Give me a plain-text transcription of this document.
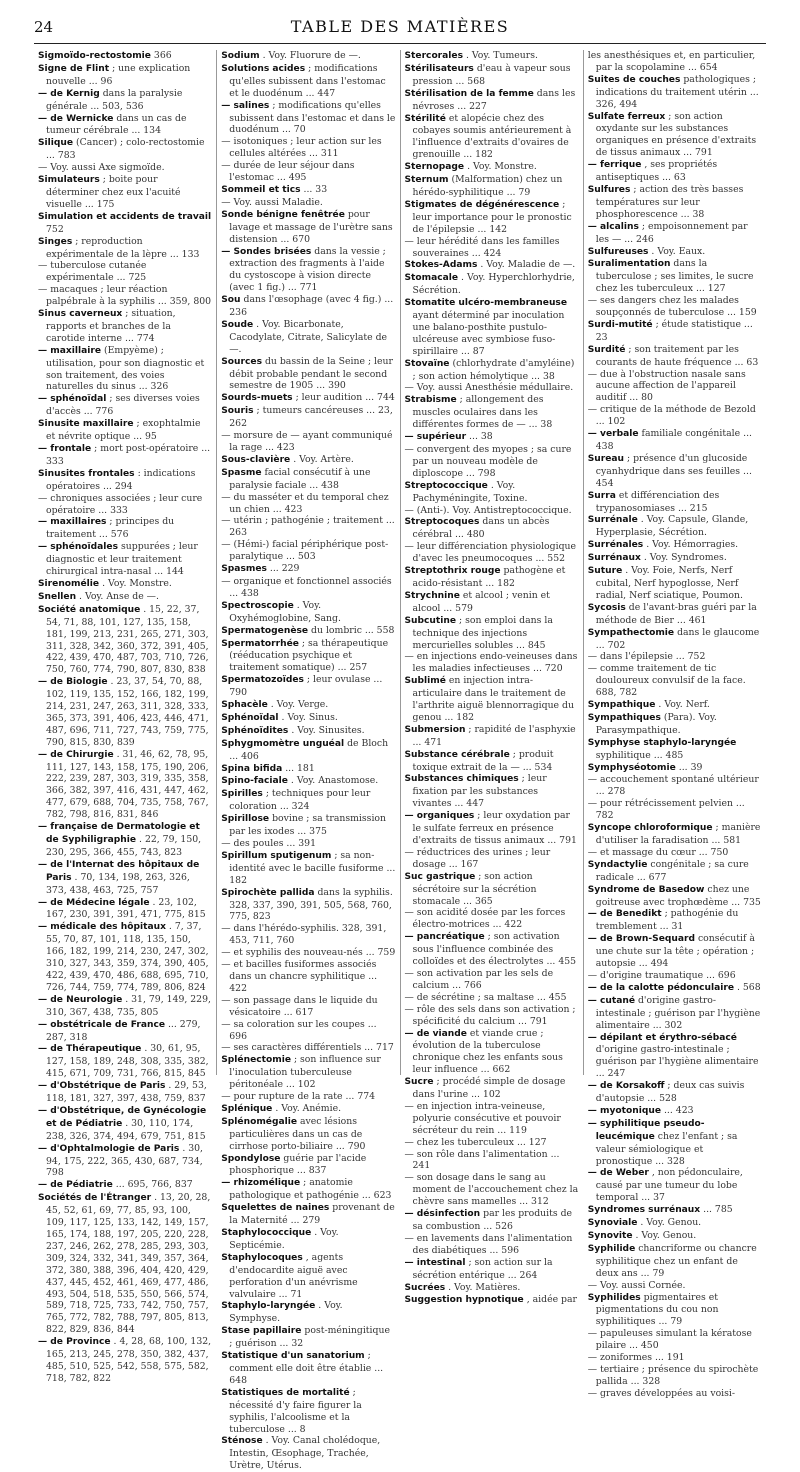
24	TABLE DES MATIÈRES
Sigmoïdo-rectostomie 366
Signe de Flint ; une explication nouvelle ... 96
— de Kernig dans la paralysie générale ... 503, 536
— de Wernicke dans un cas de tumeur cérébrale ... 134
Silique (Cancer) ; colo-rectostomie ... 783
— Voy. aussi Axe sigmoïde.
Simulateurs ; boite pour déterminer chez eux l'acuité visuelle ... 175
Simulation et accidents de travail 752
Singes ; reproduction expérimentale de la lèpre ... 133
— tuberculose cutanée expérimentale ... 725
— macaques ; leur réaction palpébrale à la syphilis ... 359, 800
Sinus caverneux ; situation, rapports et branches de la carotide interne ... 774
— maxillaire (Empyème) ; utilisation, pour son diagnostic et son traitement, des voies naturelles du sinus ... 326
— sphénoïdal ; ses diverses voies d'accès ... 776
Sinusite maxillaire ; exophtalmie et névrite optique ... 95
— frontale ; mort post-opératoire ... 333
Sinusites frontales : indications opératoires ... 294
— chroniques associées ; leur cure opératoire ... 333
— maxillaires ; principes du traitement ... 576
— sphénoïdales suppurées ; leur diagnostic et leur traitement chirurgical intra-nasal ... 144
Sirenomélie . Voy. Monstre.
Snellen . Voy. Anse de —.
Société anatomique . 15, 22, 37, 54, 71, 88, 101, 127, 135, 158, 181, 199, 213, 231, 265, 271, 303, 311, 328, 342, 360, 372, 391, 405, 422, 439, 470, 487, 703, 710, 726, 750, 760, 774, 790, 807, 830, 838
— de Biologie . 23, 37, 54, 70, 88, 102, 119, 135, 152, 166, 182, 199, 214, 231, 247, 263, 311, 328, 333, 365, 373, 391, 406, 423, 446, 471, 487, 696, 711, 727, 743, 759, 775, 790, 815, 830, 839
— de Chirurgie . 31, 46, 62, 78, 95, 111, 127, 143, 158, 175, 190, 206, 222, 239, 287, 303, 319, 335, 358, 366, 382, 397, 416, 431, 447, 462, 477, 679, 688, 704, 735, 758, 767, 782, 798, 816, 831, 846
— française de Dermatologie et de Syphiligraphie . 22, 79, 150, 230, 295, 366, 455, 743, 823
— de l'Internat des hôpitaux de Paris . 70, 134, 198, 263, 326, 373, 438, 463, 725, 757
— de Médecine légale . 23, 102, 167, 230, 391, 391, 471, 775, 815
— médicale des hôpitaux . 7, 37, 55, 70, 87, 101, 118, 135, 150, 166, 182, 199, 214, 230, 247, 302, 310, 327, 343, 359, 374, 390, 405, 422, 439, 470, 486, 688, 695, 710, 726, 744, 759, 774, 789, 806, 824
— de Neurologie . 31, 79, 149, 229, 310, 367, 438, 735, 805
— obstétricale de France ... 279, 287, 318
— de Thérapeutique . 30, 61, 95, 127, 158, 189, 248, 308, 335, 382, 415, 671, 709, 731, 766, 815, 845
— d'Obstétrique de Paris . 29, 53, 118, 181, 327, 397, 438, 759, 837
— d'Obstétrique, de Gynécologie et de Pédiatrie . 30, 110, 174, 238, 326, 374, 494, 679, 751, 815
— d'Ophtalmologie de Paris . 30, 94, 175, 222, 365, 430, 687, 734, 798
— de Pédiatrie ... 695, 766, 837
Sociétés de l'Étranger . 13, 20, 28, 45, 52, 61, 69, 77, 85, 93, 100, 109, 117, 125, 133, 142, 149, 157, 165, 174, 188, 197, 205, 220, 228, 237, 246, 262, 278, 285, 293, 303, 309, 324, 332, 341, 349, 357, 364, 372, 380, 388, 396, 404, 420, 429, 437, 445, 452, 461, 469, 477, 486, 493, 504, 518, 535, 550, 566, 574, 589, 718, 725, 733, 742, 750, 757, 765, 772, 782, 788, 797, 805, 813, 822, 829, 836, 844
— de Province . 4, 28, 68, 100, 132, 165, 213, 245, 278, 350, 382, 437, 485, 510, 525, 542, 558, 575, 582, 718, 782, 822
Sodium . Voy. Fluorure de —.
Solutions acides ; modifications qu'elles subissent dans l'estomac et le duodénum ... 447
— salines ; modifications qu'elles subissent dans l'estomac et dans le duodénum ... 70
— isotoniques ; leur action sur les cellules altérées ... 311
— durée de leur séjour dans l'estomac ... 495
Sommeil et tics ... 33
— Voy. aussi Maladie.
Sonde bénigne fenêtrée pour lavage et massage de l'urètre sans distension ... 670
— Sondes brisées dans la vessie ; extraction des fragments à l'aide du cystoscope à vision directe (avec 1 fig.) ... 771
Sou dans l'œsophage (avec 4 fig.) ... 236
Soude . Voy. Bicarbonate, Cacodylate, Citrate, Salicylate de —.
Sources du bassin de la Seine ; leur débit probable pendant le second semestre de 1905 ... 390
Sourds-muets ; leur audition ... 744
Souris ; tumeurs cancéreuses ... 23, 262
— morsure de — ayant communiqué la rage ... 423
Sous-clavière . Voy. Artère.
Spasme facial consécutif à une paralysie faciale ... 438
— du masséter et du temporal chez un chien ... 423
— utérin ; pathogénie ; traitement ... 263
— (Hémi-) facial périphérique post-paralytique ... 503
Spasmes ... 229
— organique et fonctionnel associés ... 438
Spectroscopie . Voy. Oxyhémoglobine, Sang.
Spermatogenèse du lombric ... 558
Spermatorrhée ; sa thérapeutique (rééducation psychique et traitement somatique) ... 257
Spermatozoïdes ; leur ovulase ... 790
Sphacèle . Voy. Verge.
Sphénoïdal . Voy. Sinus.
Sphénoïdites . Voy. Sinusites.
Sphygmomètre unguéal de Bloch ... 406
Spina bifida ... 181
Spino-faciale . Voy. Anastomose.
Spirilles ; techniques pour leur coloration ... 324
Spirillose bovine ; sa transmission par les ixodes ... 375
— des poules ... 391
Spirillum sputigenum ; sa non-identité avec le bacille fusiforme ... 182
Spirochète pallida dans la syphilis. 328, 337, 390, 391, 505, 568, 760, 775, 823
— dans l'hérédo-syphilis. 328, 391, 453, 711, 760
— et syphilis des nouveau-nés ... 759
— et bacilles fusiformes associés dans un chancre syphilitique ... 422
— son passage dans le liquide du vésicatoire ... 617
— sa coloration sur les coupes ... 696
— ses caractères différentiels ... 717
Splénectomie ; son influence sur l'inoculation tuberculeuse péritonéale ... 102
— pour rupture de la rate ... 774
Splénique . Voy. Anémie.
Splénomégalie avec lésions particulières dans un cas de cirrhose porto-biliaire ... 790
Spondylose guérie par l'acide phosphorique ... 837
— rhizomélique ; anatomie pathologique et pathogénie ... 623
Squelettes de naines provenant de la Maternité ... 279
Staphylococcique . Voy. Septicémie.
Staphylocoques , agents d'endocardite aiguë avec perforation d'un anévrisme valvulaire ... 71
Staphylo-laryngée . Voy. Symphyse.
Stase papillaire post-méningitique ; guérison ... 32
Statistique d'un sanatorium ; comment elle doit être établie ... 648
Statistiques de mortalité ; nécessité d'y faire figurer la syphilis, l'alcoolisme et la tuberculose ... 8
Sténose . Voy. Canal cholédoque, Intestin, Œsophage, Trachée, Urètre, Utérus.
Stercorales . Voy. Tumeurs.
Stérilisateurs d'eau à vapeur sous pression ... 568
Stérilisation de la femme dans les névroses ... 227
Stérilité et alopécie chez des cobayes soumis antérieurement à l'influence d'extraits d'ovaires de grenouille ... 182
Sternopage . Voy. Monstre.
Sternum (Malformation) chez un hérédo-syphilitique ... 79
Stigmates de dégénérescence ; leur importance pour le pronostic de l'épilepsie ... 142
— leur hérédité dans les familles souveraines ... 424
Stokes-Adams . Voy. Maladie de —.
Stomacale . Voy. Hyperchlorhydrie, Sécrétion.
Stomatite ulcéro-membraneuse ayant déterminé par inoculation une balano-posthite pustulo-ulcéreuse avec symbiose fuso-spirillaire ... 87
Stovaïne (chlorhydrate d'amyléine) ; son action hémolytique ... 38
— Voy. aussi Anesthésie médullaire.
Strabisme ; allongement des muscles oculaires dans les différentes formes de — ... 38
— supérieur ... 38
— convergent des myopes ; sa cure par un nouveau modèle de diploscope ... 798
Streptococcique . Voy. Pachyméningite, Toxine.
— (Anti-). Voy. Antistreptococcique.
Streptocoques dans un abcès cérébral ... 480
— leur différenciation physiologique d'avec les pneumocoques ... 552
Streptothrix rouge pathogène et acido-résistant ... 182
Strychnine et alcool ; venin et alcool ... 579
Subcutine ; son emploi dans la technique des injections mercurielles solubles ... 845
— en injections endo-veineuses dans les maladies infectieuses ... 720
Sublimé en injection intra-articulaire dans le traitement de l'arthrite aiguë blennorragique du genou ... 182
Submersion ; rapidité de l'asphyxie ... 471
Substance cérébrale ; produit toxique extrait de la — ... 534
Substances chimiques ; leur fixation par les substances vivantes ... 447
— organiques ; leur oxydation par le sulfate ferreux en présence d'extraits de tissus animaux ... 791
— réductrices des urines ; leur dosage ... 167
Suc gastrique ; son action sécrétoire sur la sécrétion stomacale ... 365
— son acidité dosée par les forces électro-motrices ... 422
— pancréatique ; son activation sous l'influence combinée des colloïdes et des électrolytes ... 455
— son activation par les sels de calcium ... 766
— de sécrétine ; sa maltase ... 455
— rôle des sels dans son activation ; spécificité du calcium ... 791
— de viande et viande crue ; évolution de la tuberculose chronique chez les enfants sous leur influence ... 662
Sucre ; procédé simple de dosage dans l'urine ... 102
— en injection intra-veineuse, polyurie consécutive et pouvoir sécréteur du rein ... 119
— chez les tuberculeux ... 127
— son rôle dans l'alimentation ... 241
— son dosage dans le sang au moment de l'accouchement chez la chèvre sans mamelles ... 312
— désinfection par les produits de sa combustion ... 526
— en lavements dans l'alimentation des diabétiques ... 596
— intestinal ; son action sur la sécrétion entérique ... 264
Sucrées . Voy. Matières.
Suggestion hypnotique , aidée par
les anesthésiques et, en particulier, par la scopolamine ... 654
Suites de couches pathologiques ; indications du traitement utérin ... 326, 494
Sulfate ferreux ; son action oxydante sur les substances organiques en présence d'extraits de tissus animaux ... 791
— ferrique , ses propriétés antiseptiques ... 63
Sulfures ; action des très basses températures sur leur phosphorescence ... 38
— alcalins ; empoisonnement par les — ... 246
Sulfureuses . Voy. Eaux.
Suralimentation dans la tuberculose ; ses limites, le sucre chez les tuberculeux ... 127
— ses dangers chez les malades soupçonnés de tuberculose ... 159
Surdi-mutité ; étude statistique ... 23
Surdité ; son traitement par les courants de haute fréquence ... 63
— due à l'obstruction nasale sans aucune affection de l'appareil auditif ... 80
— critique de la méthode de Bezold ... 102
— verbale familiale congénitale ... 438
Sureau ; présence d'un glucoside cyanhydrique dans ses feuilles ... 454
Surra et différenciation des trypanosomiases ... 215
Surrénale . Voy. Capsule, Glande, Hyperplasie, Sécrétion.
Surrénales . Voy. Hémorragies.
Surrénaux . Voy. Syndromes.
Suture . Voy. Foie, Nerfs, Nerf cubital, Nerf hypoglosse, Nerf radial, Nerf sciatique, Poumon.
Sycosis de l'avant-bras guéri par la méthode de Bier ... 461
Sympathectomie dans le glaucome ... 702
— dans l'épilepsie ... 752
— comme traitement de tic douloureux convulsif de la face. 688, 782
Sympathique . Voy. Nerf.
Sympathiques (Para). Voy. Parasympathique.
Symphyse staphylo-laryngée syphilitique ... 485
Symphyséotomie ... 39
— accouchement spontané ultérieur ... 278
— pour rétrécissement pelvien ... 782
Syncope chloroformique ; manière d'utiliser la faradisation ... 581
— et massage du cœur ... 750
Syndactylie congénitale ; sa cure radicale ... 677
Syndrome de Basedow chez une goitreuse avec trophœdème ... 735
— de Benedikt ; pathogénie du tremblement ... 31
— de Brown-Sequard consécutif à une chute sur la tête ; opération ; autopsie ... 494
— d'origine traumatique ... 696
— de la calotte pédonculaire . 568
— cutané d'origine gastro-intestinale ; guérison par l'hygiène alimentaire ... 302
— dépilant et érythro-sébacé d'origine gastro-intestinale ; guérison par l'hygiène alimentaire ... 247
— de Korsakoff ; deux cas suivis d'autopsie ... 528
— myotonique ... 423
— syphilitique pseudo-leucémique chez l'enfant ; sa valeur sémiologique et pronostique ... 328
— de Weber , non pédonculaire, causé par une tumeur du lobe temporal ... 37
Syndromes surrénaux ... 785
Synoviale . Voy. Genou.
Synovite . Voy. Genou.
Syphilide chancriforme ou chancre syphilitique chez un enfant de deux ans ... 79
— Voy. aussi Cornée.
Syphilides pigmentaires et pigmentations du cou non syphilitiques ... 79
— papuleuses simulant la kératose pilaire ... 450
— zoniformes ... 191
— tertiaire ; présence du spirochète pallida ... 328
— graves développées au voisi-
